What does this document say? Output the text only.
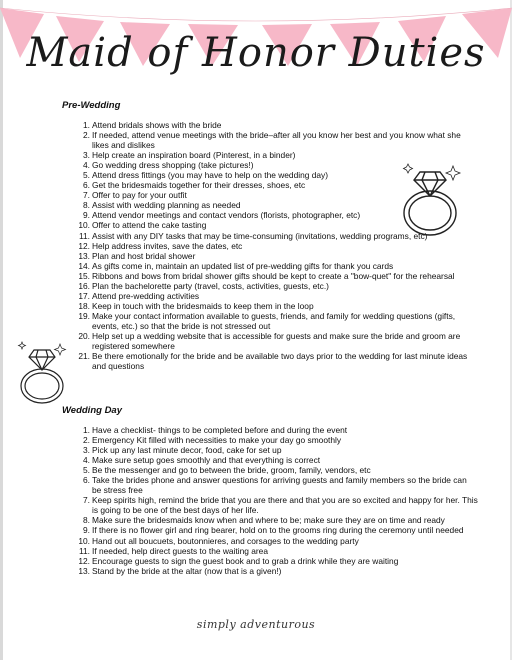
Maid of Honor Duties
Pre-Wedding
1. Attend bridals shows with the bride
2. If needed, attend venue meetings with the bride–after all you know her best and you know what she likes and dislikes
3. Help create an inspiration board (Pinterest, in a binder)
4. Go wedding dress shopping (take pictures!)
5. Attend dress fittings (you may have to help on the wedding day)
6. Get the bridesmaids together for their dresses, shoes, etc
7. Offer to pay for your outfit
8. Assist with wedding planning as needed
9. Attend vendor meetings and contact vendors (florists, photographer, etc)
10. Offer to attend the cake tasting
11. Assist with any DIY tasks that may be time-consuming (invitations, wedding programs, etc)
12. Help address invites, save the dates, etc
13. Plan and host bridal shower
14. As gifts come in, maintain an updated list of pre-wedding gifts for thank you cards
15. Ribbons and bows from bridal shower gifts should be kept to create a "bow-quet" for the rehearsal
16. Plan the bachelorette party (travel, costs, activities, guests, etc.)
17. Attend pre-wedding activities
18. Keep in touch with the bridesmaids to keep them in the loop
19. Make your contact information available to guests, friends, and family for wedding questions (gifts, events, etc.) so that the bride is not stressed out
20. Help set up a wedding website that is accessible for guests and make sure the bride and groom are registered somewhere
21. Be there emotionally for the bride and be available two days prior to the wedding for last minute ideas and questions
Wedding Day
1. Have a checklist- things to be completed before and during the event
2. Emergency Kit filled with necessities to make your day go smoothly
3. Pick up any last minute decor, food, cake for set up
4. Make sure setup goes smoothly and that everything is correct
5. Be the messenger and go to between the bride, groom, family, vendors, etc
6. Take the brides phone and answer questions for arriving guests and family members so the bride can be stress free
7. Keep spirits high, remind the bride that you are there and that you are so excited and happy for her. This is going to be one of the best days of her life.
8. Make sure the bridesmaids know when and where to be; make sure they are on time and ready
9. If there is no flower girl and ring bearer, hold on to the grooms ring during the ceremony until needed
10. Hand out all boucuets, boutonnieres, and corsages to the wedding party
11. If needed, help direct guests to the waiting area
12. Encourage guests to sign the guest book and to grab a drink while they are waiting
13. Stand by the bride at the altar (now that is a given!)
simply adventurous
